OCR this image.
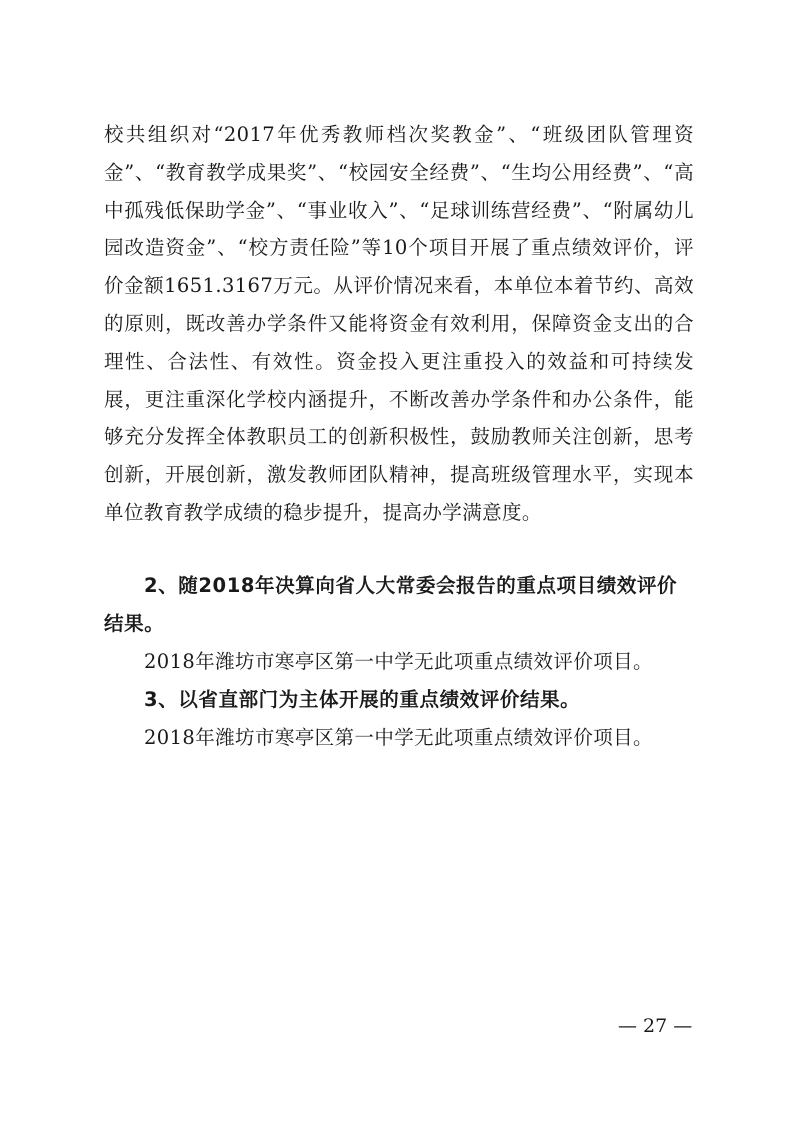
校共组织对“2017年优秀教师档次奖教金”、“班级团队管理资金”、“教育教学成果奖”、“校园安全经费”、“生均公用经费”、“高中孤残低保助学金”、“事业收入”、“足球训练营经费”、“附属幼儿园改造资金”、“校方责任险”等10个项目开展了重点绩效评价，评价金额1651.3167万元。从评价情况来看，本单位本着节约、高效的原则，既改善办学条件又能将资金有效利用，保障资金支出的合理性、合法性、有效性。资金投入更注重投入的效益和可持续发展，更注重深化学校内涵提升，不断改善办学条件和办公条件，能够充分发挥全体教职员工的创新积极性，鼓励教师关注创新，思考创新，开展创新，激发教师团队精神，提高班级管理水平，实现本单位教育教学成绩的稳步提升，提高办学满意度。

2、随2018年决算向省人大常委会报告的重点项目绩效评价结果。

2018年潍坊市寒亭区第一中学无此项重点绩效评价项目。

3、以省直部门为主体开展的重点绩效评价结果。

2018年潍坊市寒亭区第一中学无此项重点绩效评价项目。

— 27 —
